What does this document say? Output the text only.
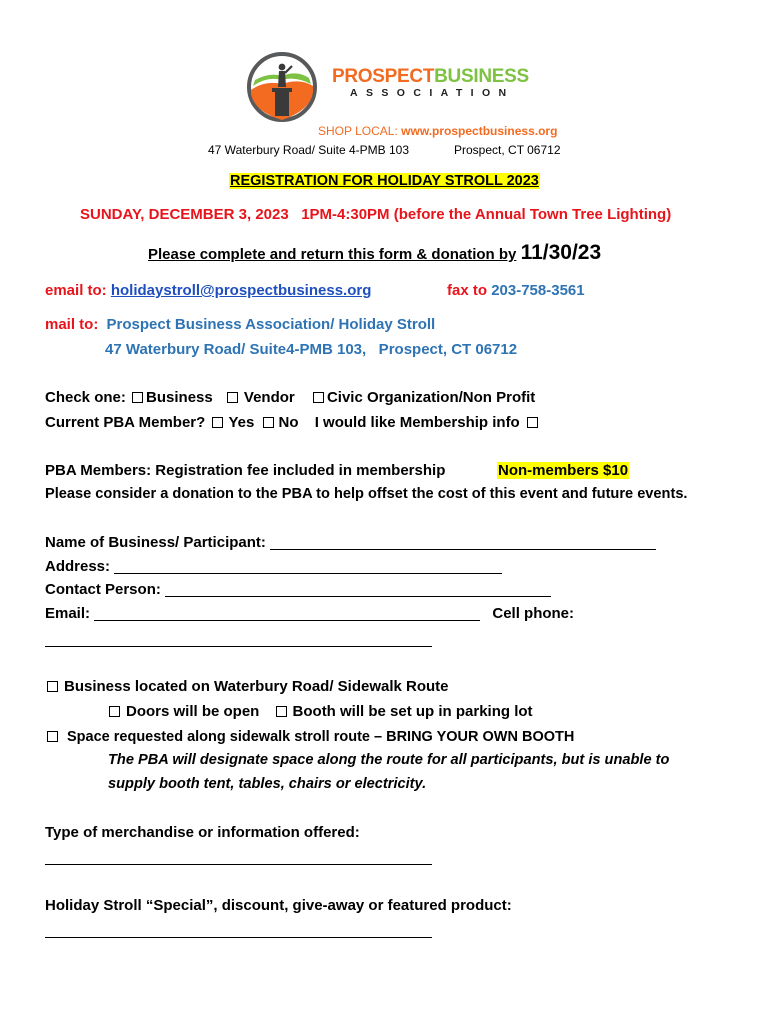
PROSPECTBUSINESS
ASSOCIATION
SHOP LOCAL: www.prospectbusiness.org
47 Waterbury Road/ Suite 4-PMB 103	Prospect, CT 06712
REGISTRATION FOR HOLIDAY STROLL 2023
SUNDAY, DECEMBER 3, 2023   1PM-4:30PM (before the Annual Town Tree Lighting)
Please complete and return this form & donation by 11/30/23
email to: holidaystroll@prospectbusiness.org	fax to 203-758-3561
mail to: Prospect Business Association/ Holiday Stroll
47 Waterbury Road/ Suite4-PMB 103,   Prospect, CT 06712
Check one: Business Vendor Civic Organization/Non Profit
Current PBA Member? Yes No I would like Membership info
PBA Members: Registration fee included in membership	Non-members $10
Please consider a donation to the PBA to help offset the cost of this event and future events.
Name of Business/ Participant:
Address:
Contact Person:
Email:	Cell phone:
Business located on Waterbury Road/ Sidewalk Route
Doors will be open Booth will be set up in parking lot
Space requested along sidewalk stroll route – BRING YOUR OWN BOOTH
The PBA will designate space along the route for all participants, but is unable to
supply booth tent, tables, chairs or electricity.
Type of merchandise or information offered:
Holiday Stroll “Special”, discount, give-away or featured product:
